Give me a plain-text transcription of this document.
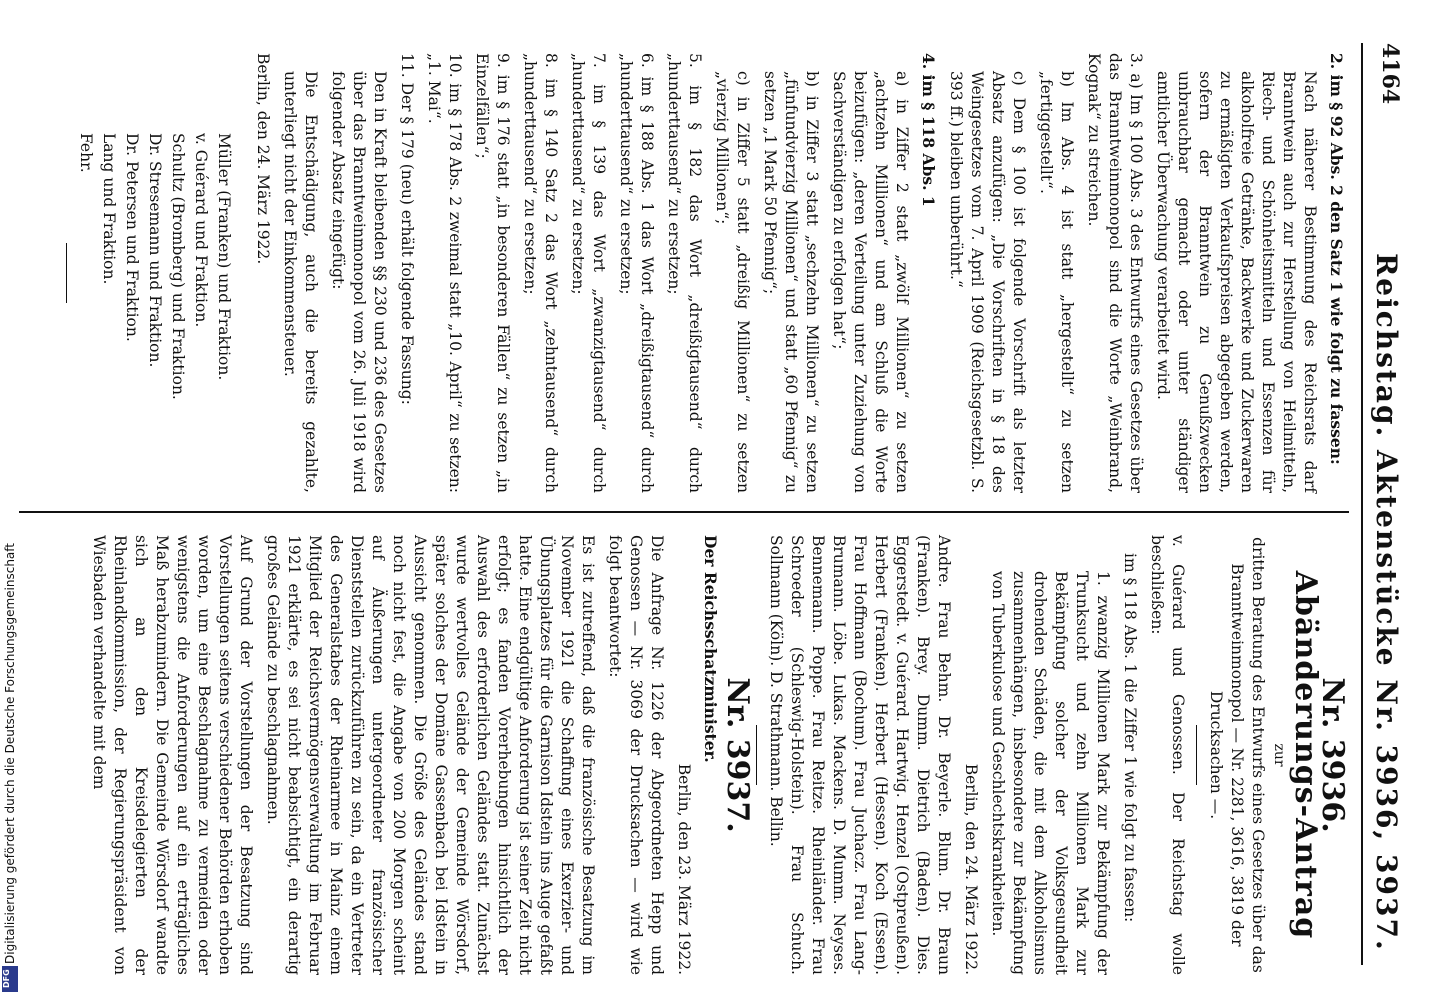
4164
Reichstag. Aktenstücke Nr. 3936, 3937.

2. im § 92 Abs. 2 den Satz 1 wie folgt zu fassen:

Nach näherer Bestimmung des Reichsrats darf Branntwein auch zur Herstellung von Heilmitteln, Riech- und Schönheitsmitteln und Essenzen für alkoholfreie Getränke, Backwerke und Zuckerwaren zu ermäßigten Verkaufspreisen abgegeben werden, sofern der Branntwein zu Genußzwecken unbrauchbar gemacht oder unter ständiger amtlicher Überwachung verarbeitet wird.

3. a) Im § 100 Abs. 3 des Entwurfs eines Gesetzes über das Branntweinmonopol sind die Worte „Weinbrand, Kognak“ zu streichen.

b) Im Abs. 4 ist statt „hergestellt“ zu setzen „fertiggestellt“.

c) Dem § 100 ist folgende Vorschrift als letzter Absatz anzufügen: „Die Vorschriften in § 18 des Weingesetzes vom 7. April 1909 (Reichsgesetzbl. S. 393 ff.) bleiben unberührt.“

4. im § 118 Abs. 1

a) in Ziffer 2 statt „zwölf Millionen“ zu setzen „achtzehn Millionen“ und am Schluß die Worte beizufügen: „deren Verteilung unter Zuziehung von Sachverständigen zu erfolgen hat“;

b) in Ziffer 3 statt „sechzehn Millionen“ zu setzen „fünfundvierzig Millionen“ und statt „60 Pfennig“ zu setzen „1 Mark 50 Pfennig“;

c) in Ziffer 5 statt „dreißig Millionen“ zu setzen „vierzig Millionen“;

5. im § 182 das Wort „dreißigtausend“ durch „hunderttausend“ zu ersetzen;

6. im § 188 Abs. 1 das Wort „dreißigtausend“ durch „hunderttausend“ zu ersetzen;

7. im § 139 das Wort „zwanzigtausend“ durch „hunderttausend“ zu ersetzen;

8. im § 140 Satz 2 das Wort „zehntausend“ durch „hunderttausend“ zu ersetzen;

9. im § 176 statt „in besonderen Fällen“ zu setzen „in Einzelfällen“;

10. im § 178 Abs. 2 zweimal statt „10. April“ zu setzen: „1. Mai“.

11. Der § 179 (neu) erhält folgende Fassung:

Den in Kraft bleibenden §§ 230 und 236 des Gesetzes über das Branntweinmonopol vom 26. Juli 1918 wird folgender Absatz eingefügt:

Die Entschädigung, auch die bereits gezahlte, unterliegt nicht der Einkommensteuer.

Berlin, den 24. März 1922.

Müller (Franken) und Fraktion.

v. Guérard und Fraktion.

Schultz (Bromberg) und Fraktion.

Dr. Stresemann und Fraktion.

Dr. Petersen und Fraktion.

Lang und Fraktion.

Fehr.

Nr. 3936.
Abänderungs-Antrag
zur

dritten Beratung des Entwurfs eines Gesetzes über das Branntweinmonopol — Nr. 2281, 3616, 3819 der Drucksachen —.

v. Guérard und Genossen. Der Reichstag wolle beschließen:

im § 118 Abs. 1 die Ziffer 1 wie folgt zu fassen:

1. zwanzig Millionen Mark zur Bekämpfung der Trunksucht und zehn Millionen Mark zur Bekämpfung solcher der Volksgesundheit drohenden Schäden, die mit dem Alkoholismus zusammenhängen, insbesondere zur Bekämpfung von Tuberkulose und Geschlechtskrankheiten.

Berlin, den 24. März 1922.

Andre. Frau Behm. Dr. Beyerle. Blum. Dr. Braun (Franken). Brey. Dumm. Dietrich (Baden). Dies. Eggerstedt. v. Guérard. Hartwig. Henzel (Ostpreußen). Herbert (Franken). Herbert (Hessen). Koch (Essen). Frau Hoffmann (Bochum). Frau Juchacz. Frau Lang-Brumann. Löbe. Lukas. Mackens. D. Mumm. Neyses. Bennemann. Poppe. Frau Reitze. Rheinländer. Frau Schroeder (Schleswig-Holstein). Frau Schuch. Sollmann (Köln). D. Strathmann. Bellin.

Nr. 3937.

Der Reichsschatzminister.

Berlin, den 23. März 1922.

Die Anfrage Nr. 1226 der Abgeordneten Hepp und Genossen — Nr. 3069 der Drucksachen — wird wie folgt beantwortet:

Es ist zutreffend, daß die französische Besatzung im November 1921 die Schaffung eines Exerzier- und Übungsplatzes für die Garnison Idstein ins Auge gefaßt hatte. Eine endgültige Anforderung ist seiner Zeit nicht erfolgt; es fanden Vorerhebungen hinsichtlich der Auswahl des erforderlichen Geländes statt. Zunächst wurde wertvolles Gelände der Gemeinde Wörsdorf, später solches der Domäne Gassenbach bei Idstein in Aussicht genommen. Die Größe des Geländes stand noch nicht fest, die Angabe von 200 Morgen scheint auf Äußerungen untergeordneter französischer Dienststellen zurückzuführen zu sein, da ein Vertreter des Generalstabes der Rheinarmee in Mainz einem Mitglied der Reichsvermögensverwaltung im Februar 1921 erklärte, es sei nicht beabsichtigt, ein derartig großes Gelände zu beschlagnahmen.

Auf Grund der Vorstellungen der Besatzung sind Vorstellungen seitens verschiedener Behörden erhoben worden, um eine Beschlagnahme zu vermeiden oder wenigstens die Anforderungen auf ein erträgliches Maß herabzumindern. Die Gemeinde Wörsdorf wandte sich an den Kreisdelegierten der Rheinlandkommission, der Regierungspräsident von Wiesbaden verhandelte mit dem

Digitalisierung gefördert durch die Deutsche Forschungsgemeinschaft
DFG
